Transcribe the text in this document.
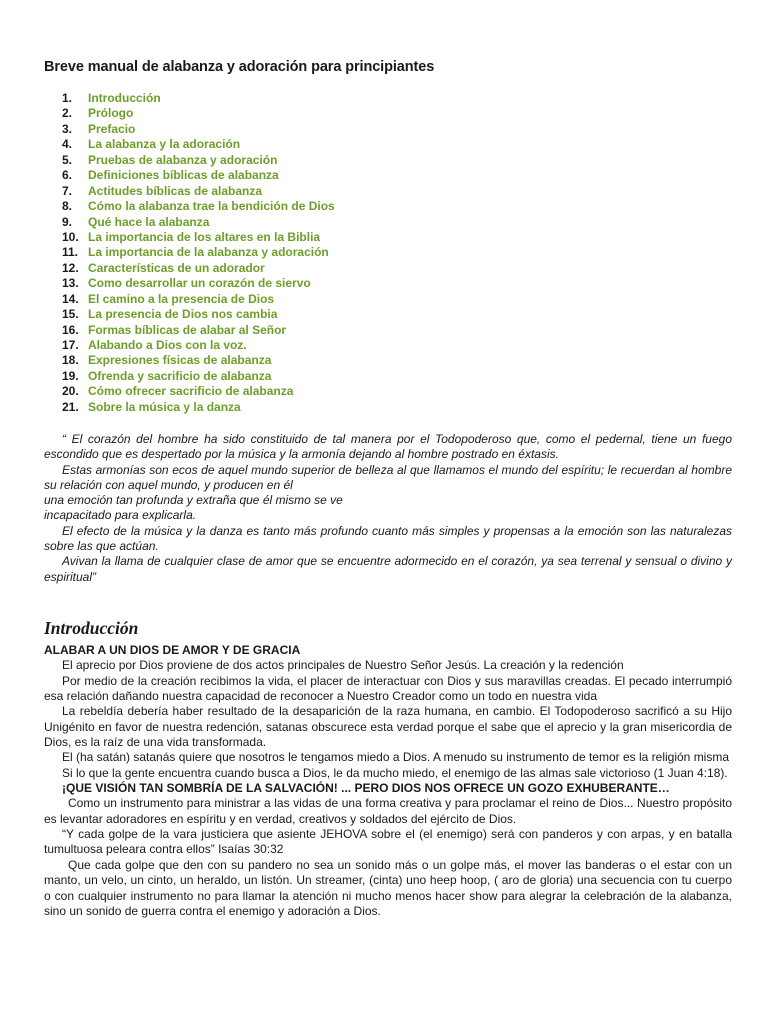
Breve manual de alabanza y adoración para principiantes
1.	Introducción
2.	Prólogo
3.	Prefacio
4.	La alabanza y la adoración
5.	Pruebas de alabanza y adoración
6.	Definiciones bíblicas de alabanza
7.	Actitudes bíblicas de alabanza
8.	Cómo la alabanza trae la bendición de Dios
9.	Qué hace la alabanza
10. La importancia de los altares en la Biblia
11. La importancia de la alabanza y adoración
12. Características de un adorador
13. Como desarrollar un corazón de siervo
14. El camino a la presencia de Dios
15. La presencia de Dios nos cambia
16. Formas bíblicas de alabar al Señor
17. Alabando a Dios con la voz.
18. Expresiones físicas de alabanza
19. Ofrenda y sacrificio de alabanza
20. Cómo ofrecer sacrificio de alabanza
21. Sobre la música y la danza

“ El corazón del hombre ha sido constituido de tal manera por el Todopoderoso que, como el pedernal, tiene un fuego escondido que es despertado por la música y la armonía dejando al hombre postrado en éxtasis.

Estas armonías son ecos de aquel mundo superior de belleza al que llamamos el mundo del espíritu; le recuerdan al hombre su relación con aquel mundo, y producen en él

una emoción tan profunda y extraña que él mismo se ve

incapacitado para explicarla.

El efecto de la música y la danza es tanto más profundo cuanto más simples y propensas a la emoción son las naturalezas sobre las que actúan.

Avivan la llama de cualquier clase de amor que se encuentre adormecido en el corazón, ya sea terrenal y sensual o divino y espiritual”

Introducción

ALABAR A UN DIOS DE AMOR Y DE GRACIA

El aprecio por Dios proviene de dos actos principales de Nuestro Señor Jesús. La creación y la redención

Por medio de la creación recibimos la vida, el placer de interactuar con Dios y sus maravillas creadas. El pecado interrumpió esa relación dañando nuestra capacidad de reconocer a Nuestro Creador como un todo en nuestra vida

La rebeldía debería haber resultado de la desaparición de la raza humana, en cambio. El Todopoderoso sacrificó a su Hijo Unigénito en favor de nuestra redención, satanas obscurece esta verdad porque el sabe que el aprecio y la gran misericordia de Dios, es la raíz de una vida transformada.

El (ha satán) satanás quiere que nosotros le tengamos miedo a Dios. A menudo su instrumento de temor es la religión misma

Si lo que la gente encuentra cuando busca a Dios, le da mucho miedo, el enemigo de las almas sale victorioso (1 Juan 4:18).

¡QUE VISIÓN TAN SOMBRÍA DE LA SALVACIÓN! ... PERO DIOS NOS OFRECE UN GOZO EXHUBERANTE…

Como un instrumento para ministrar a las vidas de una forma creativa y para proclamar el reino de Dios... Nuestro propósito es levantar adoradores en espíritu y en verdad, creativos y soldados del ejército de Dios.

“Y cada golpe de la vara justiciera que asiente JEHOVA sobre el (el enemigo) será con panderos y con arpas, y en batalla tumultuosa peleara contra ellos” Isaías 30:32

Que cada golpe que den con su pandero no sea un sonido más o un golpe más, el mover las banderas o el estar con un manto, un velo, un cinto, un heraldo, un listón. Un streamer, (cinta) uno heep hoop, ( aro de gloria) una secuencia con tu cuerpo o con cualquier instrumento no para llamar la atención ni mucho menos hacer show para alegrar la celebración de la alabanza, sino un sonido de guerra contra el enemigo y adoración a Dios.
